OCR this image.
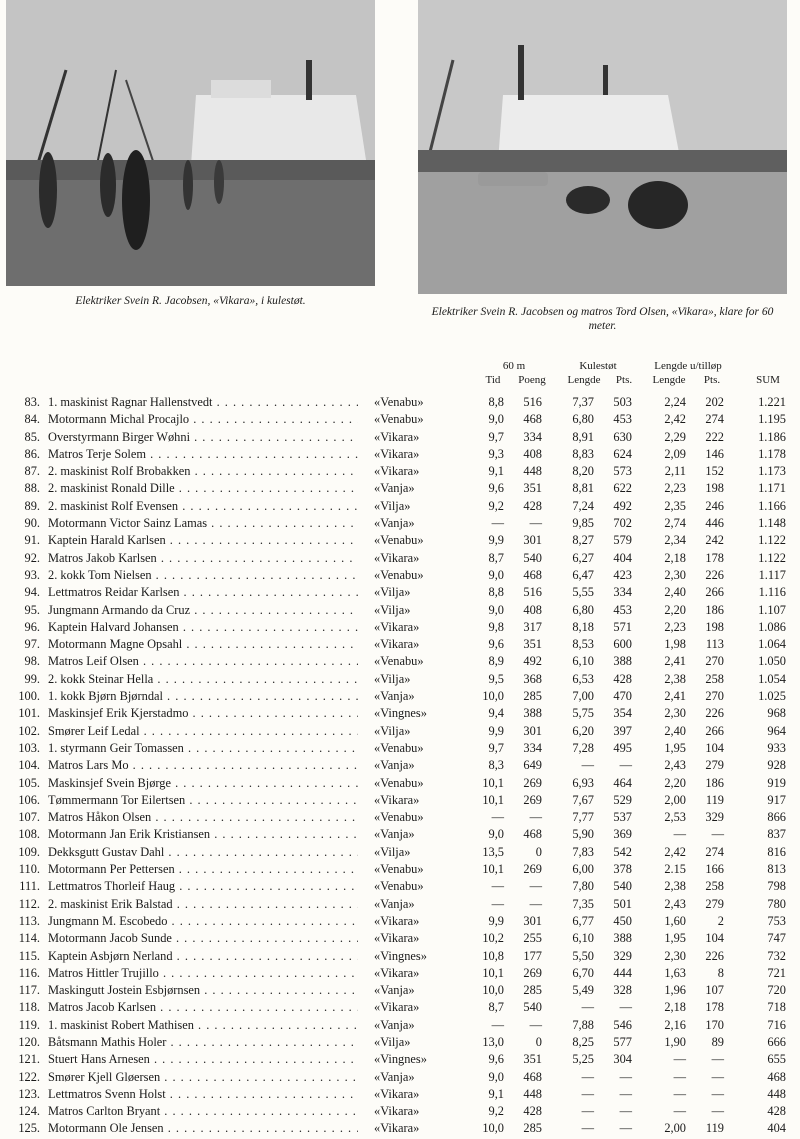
Elektriker Svein R. Jacobsen, «Vikara», i kulestøt.
Elektriker Svein R. Jacobsen og matros Tord Olsen, «Vikara», klare for 60 meter.
60 m	Kulestøt	Lengde u/tilløp
Tid	Poeng	Lengde	Pts.	Lengde	Pts.	SUM
83. 1. maskinist Ragnar Hallenstvedt . . .	«Venabu»	8,8	516	7,37	503	2,24	202	1.221
84. Motormann Michal Procajlo . . .	«Venabu»	9,0	468	6,80	453	2,42	274	1.195
85. Overstyrmann Birger Wøhni . . .	«Vikara»	9,7	334	8,91	630	2,29	222	1.186
86. Matros Terje Solem . . .	«Vikara»	9,3	408	8,83	624	2,09	146	1.178
87. 2. maskinist Rolf Brobakken . . .	«Vikara»	9,1	448	8,20	573	2,11	152	1.173
88. 2. maskinist Ronald Dille . . .	«Vanja»	9,6	351	8,81	622	2,23	198	1.171
89. 2. maskinist Rolf Evensen . . .	«Vilja»	9,2	428	7,24	492	2,35	246	1.166
90. Motormann Victor Sainz Lamas . . .	«Vanja»	—	—	9,85	702	2,74	446	1.148
91. Kaptein Harald Karlsen . . .	«Venabu»	9,9	301	8,27	579	2,34	242	1.122
92. Matros Jakob Karlsen . . .	«Vikara»	8,7	540	6,27	404	2,18	178	1.122
93. 2. kokk Tom Nielsen . . .	«Venabu»	9,0	468	6,47	423	2,30	226	1.117
94. Lettmatros Reidar Karlsen . . .	«Vilja»	8,8	516	5,55	334	2,40	266	1.116
95. Jungmann Armando da Cruz . . .	«Vilja»	9,0	408	6,80	453	2,20	186	1.107
96. Kaptein Halvard Johansen . . .	«Vikara»	9,8	317	8,18	571	2,23	198	1.086
97. Motormann Magne Opsahl . . .	«Vikara»	9,6	351	8,53	600	1,98	113	1.064
98. Matros Leif Olsen . . .	«Venabu»	8,9	492	6,10	388	2,41	270	1.050
99. 2. kokk Steinar Hella . . .	«Vilja»	9,5	368	6,53	428	2,38	258	1.054
100. 1. kokk Bjørn Bjørndal . . .	«Vanja»	10,0	285	7,00	470	2,41	270	1.025
101. Maskinsjef Erik Kjerstadmo . . .	«Vingnes»	9,4	388	5,75	354	2,30	226	968
102. Smører Leif Ledal . . .	«Vilja»	9,9	301	6,20	397	2,40	266	964
103. 1. styrmann Geir Tomassen . . .	«Venabu»	9,7	334	7,28	495	1,95	104	933
104. Matros Lars Mo . . .	«Vanja»	8,3	649	—	—	2,43	279	928
105. Maskinsjef Svein Bjørge . . .	«Venabu»	10,1	269	6,93	464	2,20	186	919
106. Tømmermann Tor Eilertsen . . .	«Vikara»	10,1	269	7,67	529	2,00	119	917
107. Matros Håkon Olsen . . .	«Venabu»	—	—	7,77	537	2,53	329	866
108. Motormann Jan Erik Kristiansen . . .	«Vanja»	9,0	468	5,90	369	—	—	837
109. Dekksgutt Gustav Dahl . . .	«Vilja»	13,5	0	7,83	542	2,42	274	816
110. Motormann Per Pettersen . . .	«Venabu»	10,1	269	6,00	378	2.15	166	813
111. Lettmatros Thorleif Haug . . .	«Venabu»	—	—	7,80	540	2,38	258	798
112. 2. maskinist Erik Balstad . . .	«Vanja»	—	—	7,35	501	2,43	279	780
113. Jungmann M. Escobedo . . .	«Vikara»	9,9	301	6,77	450	1,60	2	753
114. Motormann Jacob Sunde . . .	«Vikara»	10,2	255	6,10	388	1,95	104	747
115. Kaptein Asbjørn Nerland . . .	«Vingnes»	10,8	177	5,50	329	2,30	226	732
116. Matros Hittler Trujillo . . .	«Vikara»	10,1	269	6,70	444	1,63	8	721
117. Maskingutt Jostein Esbjørnsen . . .	«Vanja»	10,0	285	5,49	328	1,96	107	720
118. Matros Jacob Karlsen . . .	«Vikara»	8,7	540	—	—	2,18	178	718
119. 1. maskinist Robert Mathisen . . .	«Vanja»	—	—	7,88	546	2,16	170	716
120. Båtsmann Mathis Holer . . .	«Vilja»	13,0	0	8,25	577	1,90	89	666
121. Stuert Hans Arnesen . . .	«Vingnes»	9,6	351	5,25	304	—	—	655
122. Smører Kjell Gløersen . . .	«Vanja»	9,0	468	—	—	—	—	468
123. Lettmatros Svenn Holst . . .	«Vikara»	9,1	448	—	—	—	—	448
124. Matros Carlton Bryant . . .	«Vikara»	9,2	428	—	—	—	—	428
125. Motormann Ole Jensen . . .	«Vikara»	10,0	285	—	—	2,00	119	404
